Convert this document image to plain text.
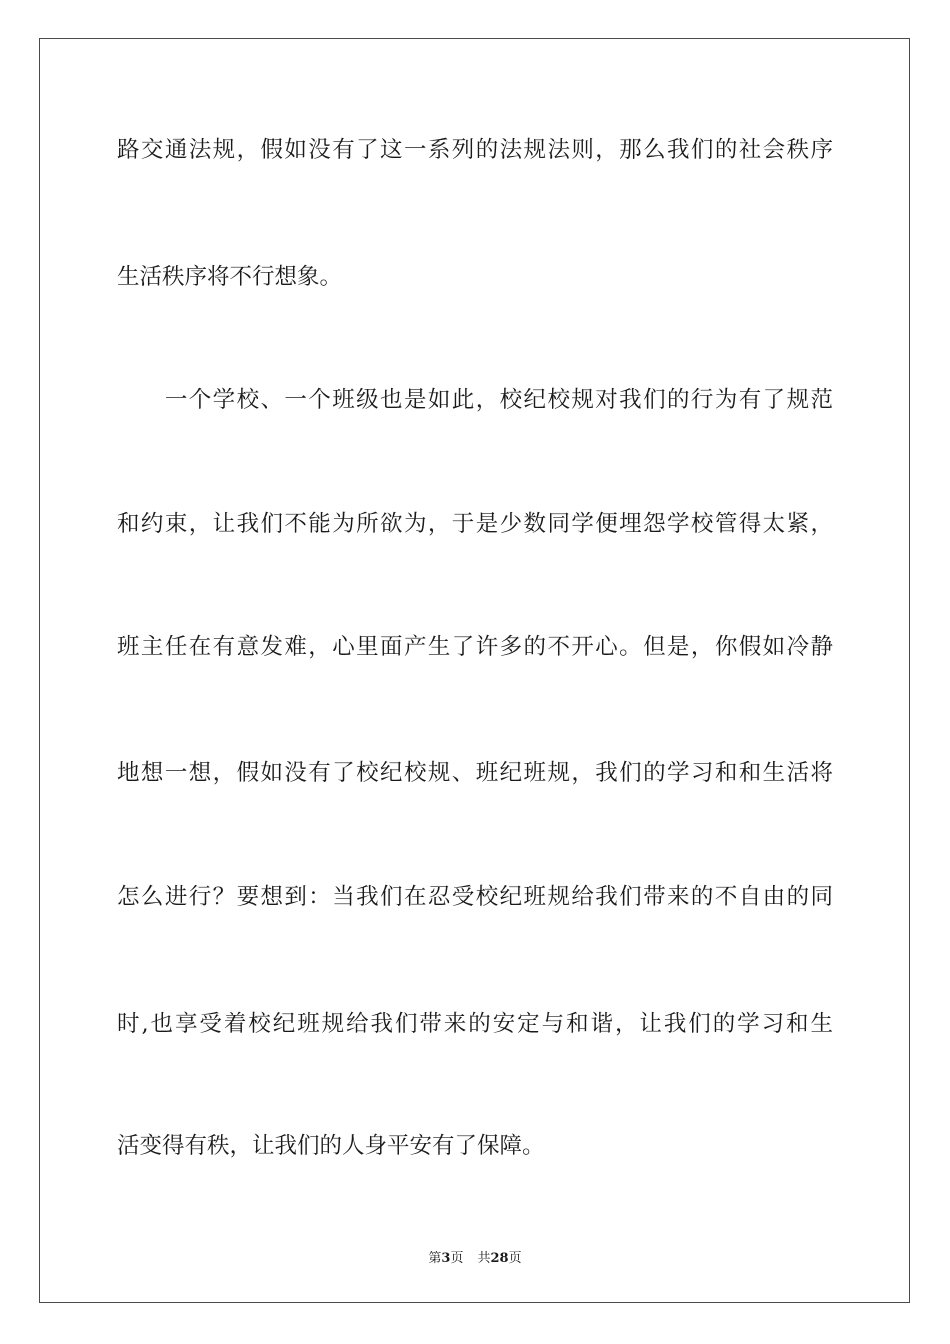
路交通法规，假如没有了这一系列的法规法则，那么我们的社会秩序
生活秩序将不行想象。
　　一个学校、一个班级也是如此，校纪校规对我们的行为有了规范
和约束，让我们不能为所欲为，于是少数同学便埋怨学校管得太紧，
班主任在有意发难，心里面产生了许多的不开心。但是，你假如冷静
地想一想，假如没有了校纪校规、班纪班规，我们的学习和和生活将
怎么进行？要想到：当我们在忍受校纪班规给我们带来的不自由的同
时,也享受着校纪班规给我们带来的安定与和谐，让我们的学习和生
活变得有秩，让我们的人身平安有了保障。
第3页 共28页
